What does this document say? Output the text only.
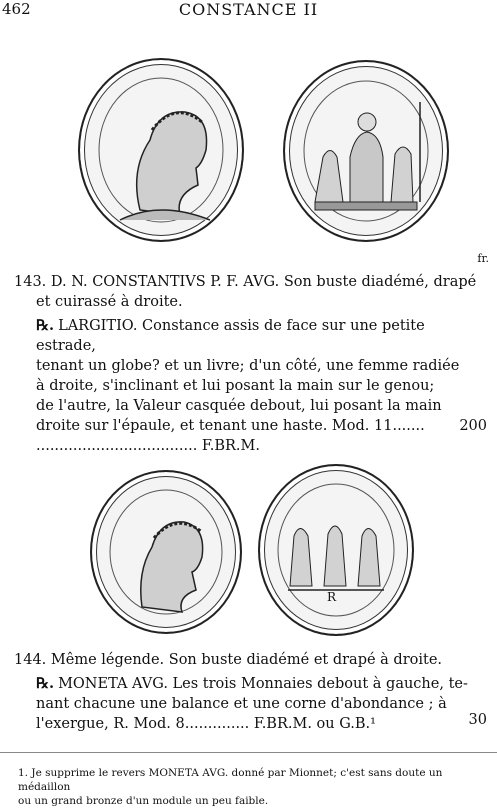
462	CONSTANCE II
fr.

143. D. N. CONSTANTIVS P. F. AVG. Son buste diadémé, drapé

et cuirassé à droite.

℞. LARGITIO. Constance assis de face sur une petite estrade,

tenant un globe? et un livre; d'un côté, une femme radiée

à droite, s'inclinant et lui posant la main sur le genou;

de l'autre, la Valeur casquée debout, lui posant la main

droite sur l'épaule, et tenant une haste. Mod. 11.......

................................... F.BR.M.

200
R

144. Même légende. Son buste diadémé et drapé à droite.

℞. MONETA AVG. Les trois Monnaies debout à gauche, te-

nant chacune une balance et une corne d'abondance ; à

l'exergue, R. Mod. 8.............. F.BR.M. ou G.B.¹	30
1. Je supprime le revers MONETA AVG. donné par Mionnet; c'est sans doute un médaillon
ou un grand bronze d'un module un peu faible.
